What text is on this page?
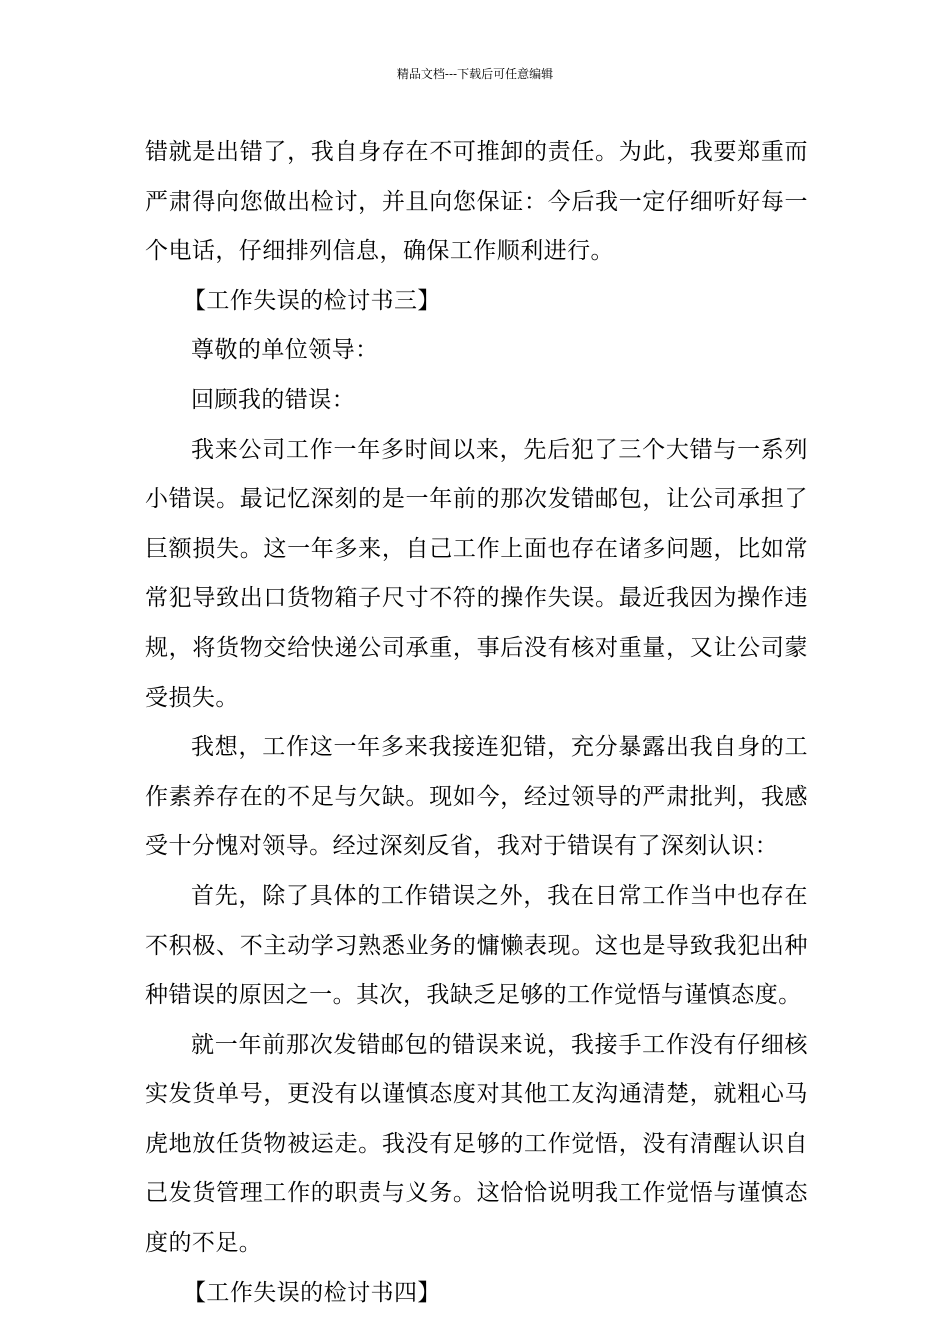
精品文档---下载后可任意编辑

错就是出错了，我自身存在不可推卸的责任。为此，我要郑重而严肃得向您做出检讨，并且向您保证：今后我一定仔细听好每一个电话，仔细排列信息，确保工作顺利进行。

【工作失误的检讨书三】

尊敬的单位领导：

回顾我的错误：

我来公司工作一年多时间以来，先后犯了三个大错与一系列小错误。最记忆深刻的是一年前的那次发错邮包，让公司承担了巨额损失。这一年多来，自己工作上面也存在诸多问题，比如常常犯导致出口货物箱子尺寸不符的操作失误。最近我因为操作违规，将货物交给快递公司承重，事后没有核对重量，又让公司蒙受损失。

我想，工作这一年多来我接连犯错，充分暴露出我自身的工作素养存在的不足与欠缺。现如今，经过领导的严肃批判，我感受十分愧对领导。经过深刻反省，我对于错误有了深刻认识：

首先，除了具体的工作错误之外，我在日常工作当中也存在不积极、不主动学习熟悉业务的慵懒表现。这也是导致我犯出种种错误的原因之一。其次，我缺乏足够的工作觉悟与谨慎态度。

就一年前那次发错邮包的错误来说，我接手工作没有仔细核实发货单号，更没有以谨慎态度对其他工友沟通清楚，就粗心马虎地放任货物被运走。我没有足够的工作觉悟，没有清醒认识自己发货管理工作的职责与义务。这恰恰说明我工作觉悟与谨慎态度的不足。

【工作失误的检讨书四】
